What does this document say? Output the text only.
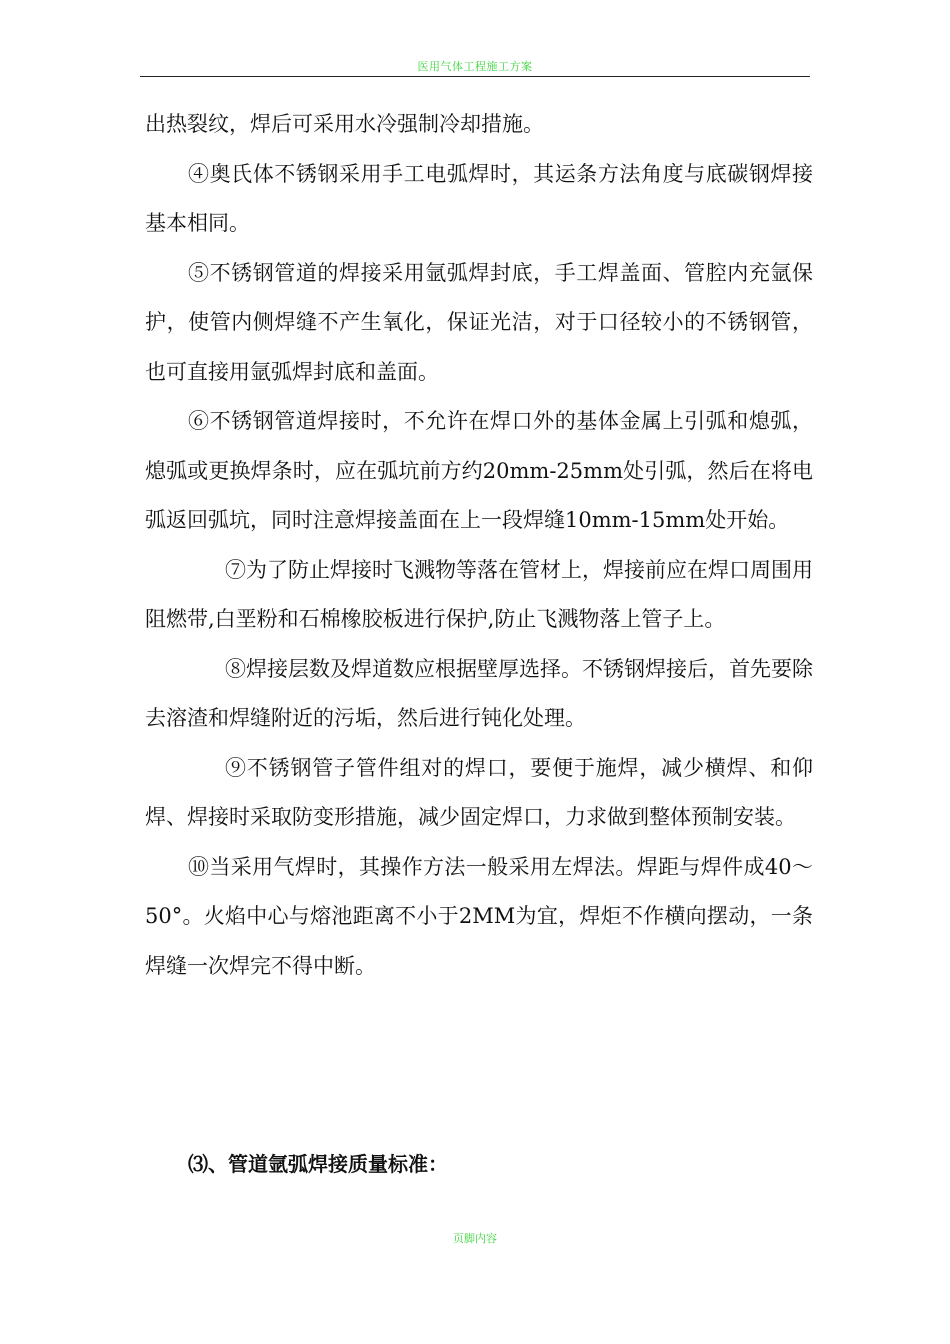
医用气体工程施工方案

出热裂纹，焊后可采用水冷强制冷却措施。

④奥氏体不锈钢采用手工电弧焊时，其运条方法角度与底碳钢焊接基本相同。

⑤不锈钢管道的焊接采用氩弧焊封底，手工焊盖面、管腔内充氩保护，使管内侧焊缝不产生氧化，保证光洁，对于口径较小的不锈钢管，也可直接用氩弧焊封底和盖面。

⑥不锈钢管道焊接时，不允许在焊口外的基体金属上引弧和熄弧，熄弧或更换焊条时，应在弧坑前方约20mm-25mm处引弧，然后在将电弧返回弧坑，同时注意焊接盖面在上一段焊缝10mm-15mm处开始。

⑦为了防止焊接时飞溅物等落在管材上，焊接前应在焊口周围用阻燃带,白垩粉和石棉橡胶板进行保护,防止飞溅物落上管子上。

⑧焊接层数及焊道数应根据壁厚选择。不锈钢焊接后，首先要除去溶渣和焊缝附近的污垢，然后进行钝化处理。

⑨不锈钢管子管件组对的焊口，要便于施焊，减少横焊、和仰焊、焊接时采取防变形措施，减少固定焊口，力求做到整体预制安装。

⑩当采用气焊时，其操作方法一般采用左焊法。焊距与焊件成40～50°。火焰中心与熔池距离不小于2MM为宜，焊炬不作横向摆动，一条焊缝一次焊完不得中断。

⑶、管道氩弧焊接质量标准：
页脚内容
